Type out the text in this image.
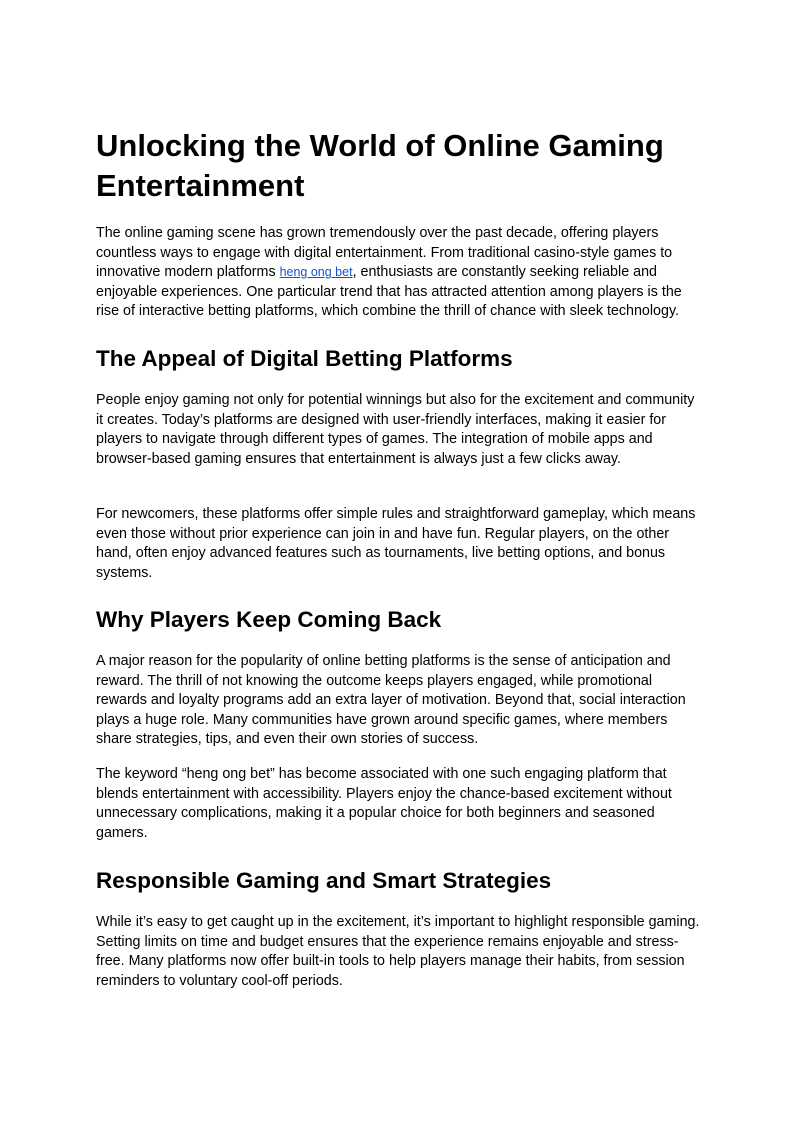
Unlocking the World of Online Gaming Entertainment

The online gaming scene has grown tremendously over the past decade, offering players countless ways to engage with digital entertainment. From traditional casino-style games to innovative modern platforms heng ong bet, enthusiasts are constantly seeking reliable and enjoyable experiences. One particular trend that has attracted attention among players is the rise of interactive betting platforms, which combine the thrill of chance with sleek technology.

The Appeal of Digital Betting Platforms

People enjoy gaming not only for potential winnings but also for the excitement and community it creates. Today’s platforms are designed with user-friendly interfaces, making it easier for players to navigate through different types of games. The integration of mobile apps and browser-based gaming ensures that entertainment is always just a few clicks away.

For newcomers, these platforms offer simple rules and straightforward gameplay, which means even those without prior experience can join in and have fun. Regular players, on the other hand, often enjoy advanced features such as tournaments, live betting options, and bonus systems.

Why Players Keep Coming Back

A major reason for the popularity of online betting platforms is the sense of anticipation and reward. The thrill of not knowing the outcome keeps players engaged, while promotional rewards and loyalty programs add an extra layer of motivation. Beyond that, social interaction plays a huge role. Many communities have grown around specific games, where members share strategies, tips, and even their own stories of success.

The keyword “heng ong bet” has become associated with one such engaging platform that blends entertainment with accessibility. Players enjoy the chance-based excitement without unnecessary complications, making it a popular choice for both beginners and seasoned gamers.

Responsible Gaming and Smart Strategies

While it’s easy to get caught up in the excitement, it’s important to highlight responsible gaming. Setting limits on time and budget ensures that the experience remains enjoyable and stress-free. Many platforms now offer built-in tools to help players manage their habits, from session reminders to voluntary cool-off periods.
